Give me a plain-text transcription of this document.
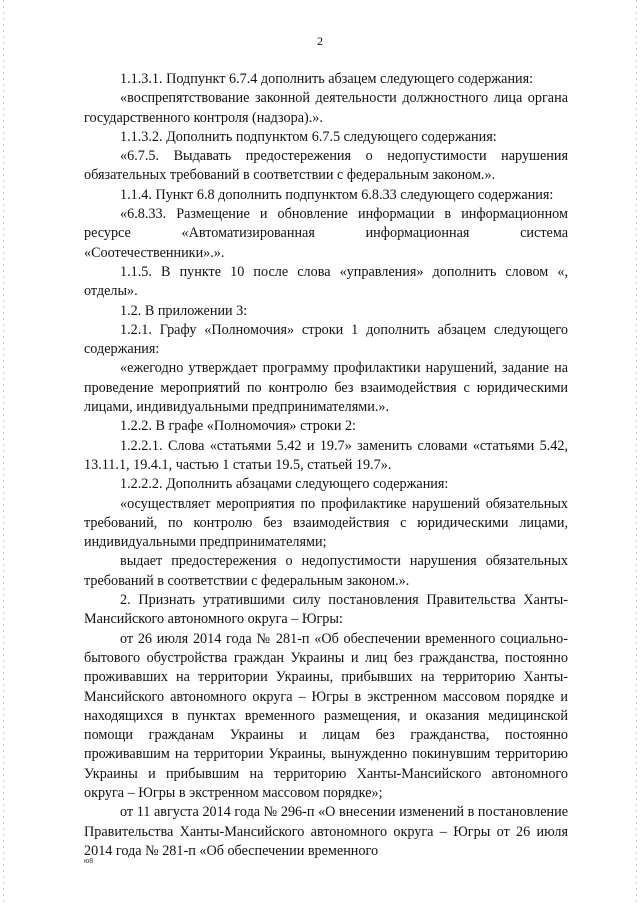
2

1.1.3.1. Подпункт 6.7.4 дополнить абзацем следующего содержания:

«воспрепятствование законной деятельности должностного лица органа государственного контроля (надзора).».

1.1.3.2. Дополнить подпунктом 6.7.5 следующего содержания:

«6.7.5. Выдавать предостережения о недопустимости нарушения обязательных требований в соответствии с федеральным законом.».

1.1.4. Пункт 6.8 дополнить подпунктом 6.8.33 следующего содержания:

«6.8.33. Размещение и обновление информации в информационном ресурсе «Автоматизированная информационная система «Соотечественники».».

1.1.5. В пункте 10 после слова «управления» дополнить словом «, отделы».

1.2. В приложении 3:

1.2.1. Графу «Полномочия» строки 1 дополнить абзацем следующего содержания:

«ежегодно утверждает программу профилактики нарушений, задание на проведение мероприятий по контролю без взаимодействия с юридическими лицами, индивидуальными предпринимателями.».

1.2.2. В графе «Полномочия» строки 2:

1.2.2.1. Слова «статьями 5.42 и 19.7» заменить словами «статьями 5.42, 13.11.1, 19.4.1, частью 1 статьи 19.5, статьей 19.7».

1.2.2.2. Дополнить абзацами следующего содержания:

«осуществляет мероприятия по профилактике нарушений обязательных требований, по контролю без взаимодействия с юридическими лицами, индивидуальными предпринимателями;

выдает предостережения о недопустимости нарушения обязательных требований в соответствии с федеральным законом.».

2. Признать утратившими силу постановления Правительства Ханты-Мансийского автономного округа – Югры:

от 26 июля 2014 года № 281-п «Об обеспечении временного социально-бытового обустройства граждан Украины и лиц без гражданства, постоянно проживавших на территории Украины, прибывших на территорию Ханты-Мансийского автономного округа – Югры в экстренном массовом порядке и находящихся в пунктах временного размещения, и оказания медицинской помощи гражданам Украины и лицам без гражданства, постоянно проживавшим на территории Украины, вынужденно покинувшим территорию Украины и прибывшим на территорию Ханты-Мансийского автономного округа – Югры в экстренном массовом порядке»;

от 11 августа 2014 года № 296-п «О внесении изменений в постановление Правительства Ханты-Мансийского автономного округа – Югры от 26 июля 2014 года № 281-п «Об обеспечении временного

ю8
